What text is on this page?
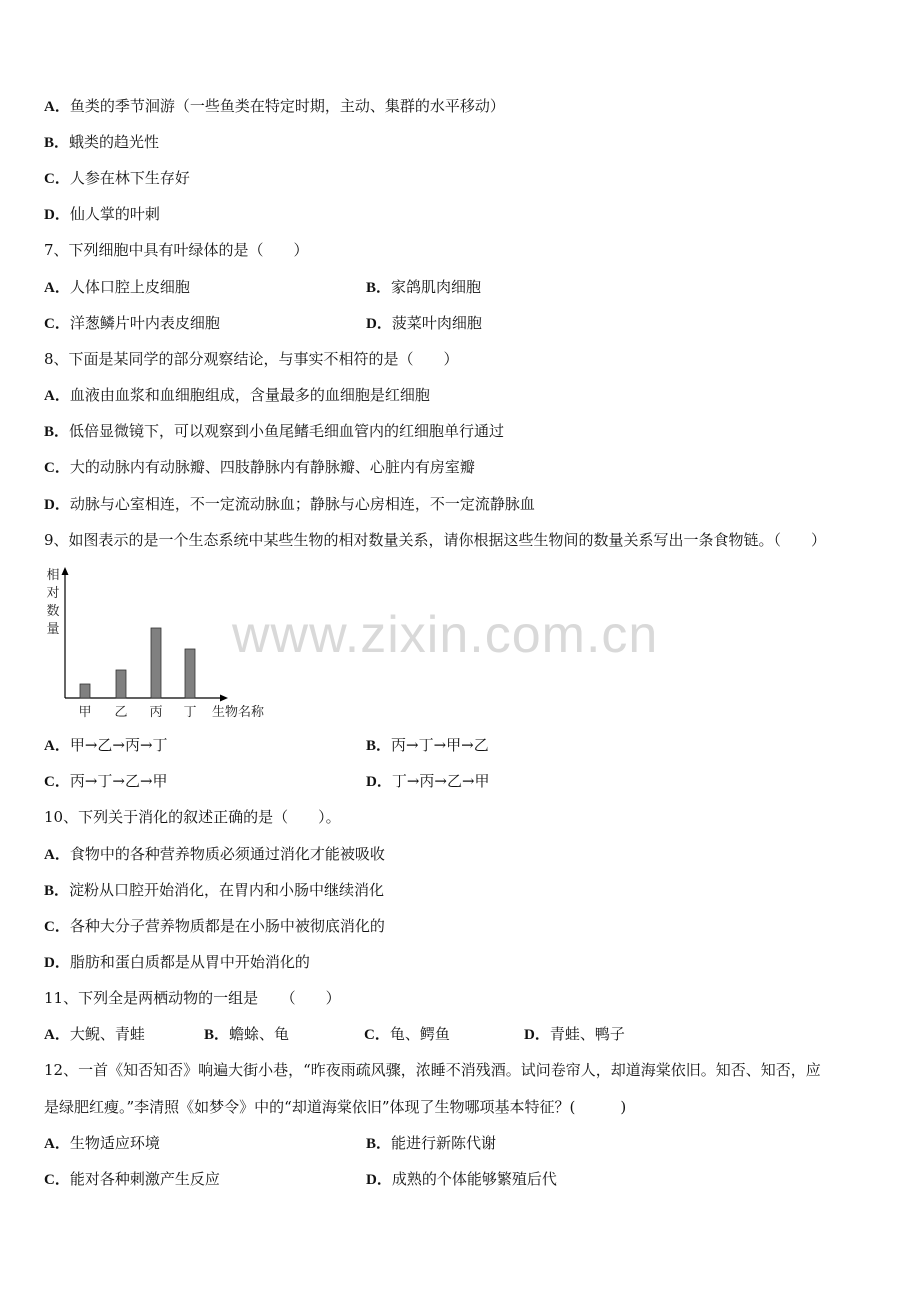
A．鱼类的季节洄游（一些鱼类在特定时期，主动、集群的水平移动）
B．蛾类的趋光性
C．人参在林下生存好
D．仙人掌的叶刺
7、下列细胞中具有叶绿体的是（　　）
A．人体口腔上皮细胞	B．家鸽肌肉细胞
C．洋葱鳞片叶内表皮细胞	D．菠菜叶肉细胞
8、下面是某同学的部分观察结论，与事实不相符的是（　　）
A．血液由血浆和血细胞组成，含量最多的血细胞是红细胞
B．低倍显微镜下，可以观察到小鱼尾鳍毛细血管内的红细胞单行通过
C．大的动脉内有动脉瓣、四肢静脉内有静脉瓣、心脏内有房室瓣
D．动脉与心室相连，不一定流动脉血；静脉与心房相连，不一定流静脉血
9、如图表示的是一个生态系统中某些生物的相对数量关系，请你根据这些生物间的数量关系写出一条食物链。（　　）
相
对
数
量
甲 乙 丙 丁 生物名称
www.zixin.com.cn
A．甲→乙→丙→丁	B．丙→丁→甲→乙
C．丙→丁→乙→甲	D．丁→丙→乙→甲
10、下列关于消化的叙述正确的是（　　）。
A．食物中的各种营养物质必须通过消化才能被吸收
B．淀粉从口腔开始消化，在胃内和小肠中继续消化
C．各种大分子营养物质都是在小肠中被彻底消化的
D．脂肪和蛋白质都是从胃中开始消化的
11、下列全是两栖动物的一组是　　（　　）
A．大鲵、青蛙	B．蟾蜍、龟	C．龟、鳄鱼	D．青蛙、鸭子
12、一首《知否知否》响遍大街小巷，“昨夜雨疏风骤，浓睡不消残酒。试问卷帘人，却道海棠依旧。知否、知否，应
是绿肥红瘦。”李清照《如梦令》中的“却道海棠依旧”体现了生物哪项基本特征？(　　　)
A．生物适应环境	B．能进行新陈代谢
C．能对各种刺激产生反应	D．成熟的个体能够繁殖后代
